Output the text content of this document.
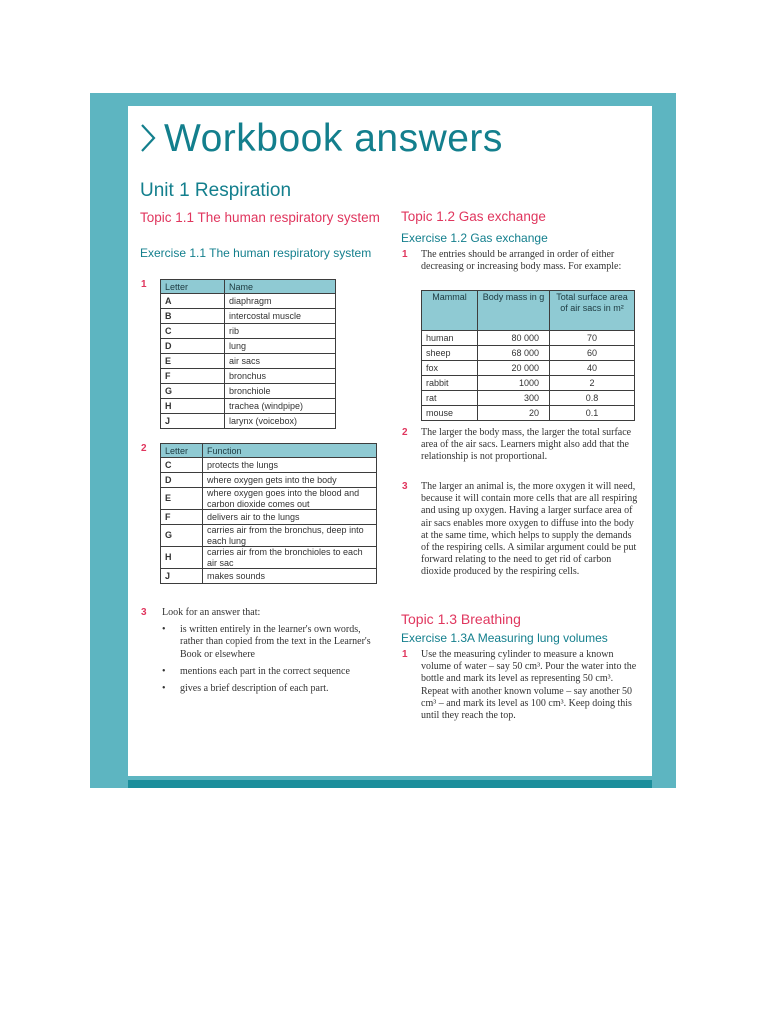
Workbook answers
Unit 1 Respiration
Topic 1.1 The human respiratory system
Exercise 1.1 The human respiratory system
1 Letter	Name
A	diaphragm
B	intercostal muscle
C	rib
D	lung
E	air sacs
F	bronchus
G	bronchiole
H	trachea (windpipe)
J	larynx (voicebox)
2 Letter	Function
C	protects the lungs
D	where oxygen gets into the body
E	where oxygen goes into the blood and carbon dioxide comes out
F	delivers air to the lungs
G	carries air from the bronchus, deep into each lung
H	carries air from the bronchioles to each air sac
J	makes sounds
3 Look for an answer that:
• is written entirely in the learner's own words, rather than copied from the text in the Learner's Book or elsewhere
• mentions each part in the correct sequence
• gives a brief description of each part.
Topic 1.2 Gas exchange
Exercise 1.2 Gas exchange
1 The entries should be arranged in order of either decreasing or increasing body mass. For example:
Mammal	Body mass in g	Total surface area of air sacs in m²
human	80 000	70
sheep	68 000	60
fox	20 000	40
rabbit	1000	2
rat	300	0.8
mouse	20	0.1
2 The larger the body mass, the larger the total surface area of the air sacs. Learners might also add that the relationship is not proportional.
3 The larger an animal is, the more oxygen it will need, because it will contain more cells that are all respiring and using up oxygen. Having a larger surface area of air sacs enables more oxygen to diffuse into the body at the same time, which helps to supply the demands of the respiring cells. A similar argument could be put forward relating to the need to get rid of carbon dioxide produced by the respiring cells.
Topic 1.3 Breathing
Exercise 1.3A Measuring lung volumes
1 Use the measuring cylinder to measure a known volume of water – say 50 cm³. Pour the water into the bottle and mark its level as representing 50 cm³. Repeat with another known volume – say another 50 cm³ – and mark its level as 100 cm³. Keep doing this until they reach the top.
